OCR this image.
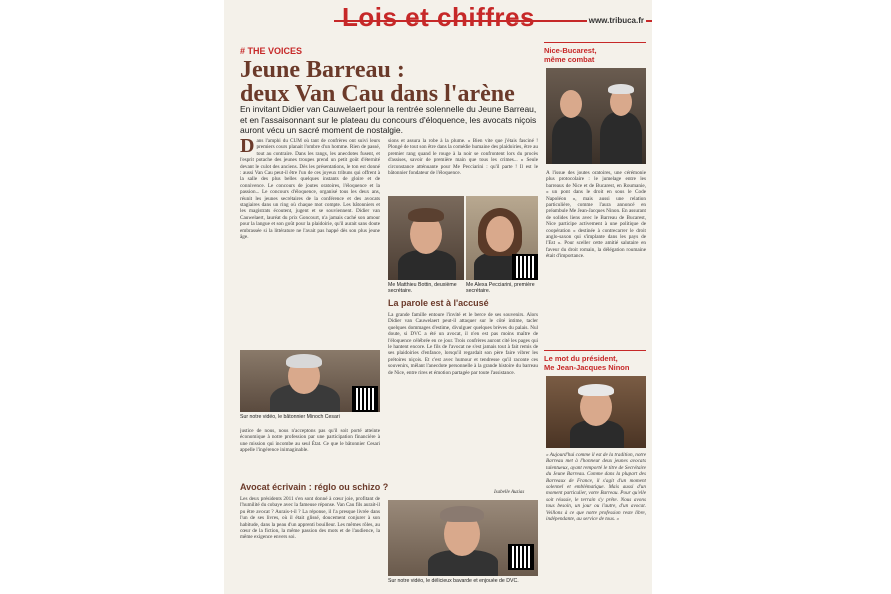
Lois et chiffres	www.tribuca.fr
# THE VOICES
Jeune Barreau :
deux Van Cau dans l'arène
En invitant Didier van Cauwelaert pour la rentrée solennelle du Jeune Barreau, et en l'assaisonnant sur le plateau du concours d'éloquence, les avocats niçois auront vécu un sacré moment de nostalgie.
Dans l'amphi du CUM où tant de confrères ont suivi leurs premiers cours planait l'ombre d'un homme. Rien de passé, tout au contraire. Dans les rangs, les anecdotes fusent, et l'esprit potache des jeunes troupes prend un petit goût d'éternité devant le culot des anciens. Dès les présentations, le ton est donné : aussi Van Cau peut-il être l'un de ces joyeux tribuns qui offrent à la salle des plus belles quelques instants de gloire et de connivence. Le concours de joutes oratoires, l'éloquence et la passion... Le concours d'éloquence, organisé tous les deux ans, réunit les jeunes secrétaires de la conférence et des avocats stagiaires dans un ring où chaque mot compte. Les bâtonniers et les magistrats écoutent, jugent et se souviennent. Didier van Cauwelaert, lauréat du prix Goncourt, n'a jamais caché son amour pour la langue et son goût pour la plaidoirie, qu'il aurait sans doute embrassée si la littérature ne l'avait pas happé dès son plus jeune âge.
Sur notre vidéo, le bâtonnier Minoch Cesari
justice de nous, nous n'acceptons pas qu'il soit porté atteinte économique à notre profession par une participation financière à une mission qui incombe au seul État. Ce que le bâtonnier Cesari appelle l'ingérence inimaginable.
Avocat écrivain : réglo ou schizo ?
Les deux présidents 2011 s'en sont donné à cœur joie, profitant de l'humilité du cobaye avec la fameuse réponse. Van Cau fils aurait-il pu être avocat ? Aurais-t-il ? La réponse, il l'a presque livrée dans l'un de ses livres, où il était glissé, doucement conjurer à son habitude, dans la peau d'un apprenti bouilleur. Les mêmes rôles, au cœur de la fiction, la même passion des mots et de l'audience, la même exigence envers soi.
sions et assura la robe à la plume. « Bien vite que j'étais fasciné ! Plongé de tout son être dans la comédie humaine des plaidoiries, être au premier rang quand le rouge à la noir se confrontent lors du procès d'assises, savoir de première main que tous les crimes... » Seule circonstance atténuante pour Me Pecciarini : qu'il parte ! Il est le bâtonnier fondateur de l'éloquence.
Me Matthieu Bottin, deuxième secrétaire.
Me Alexa Pecciarini, première secrétaire.
La parole est à l'accusé
La grande famille entoure l'invité et le berce de ses souvenirs. Alors Didier van Cauwelaert peut-il attaquer sur le côté intime, tacler quelques dommages d'estime, divulguer quelques brèves du palais. Nul doute, si DVC a été un avocat, il n'en est pas moins maître de l'éloquence célébrée en ce jour. Trois confrères auront cité les pages qui le hantent encore. Le fils de l'avocat ne s'est jamais tout à fait remis de ses plaidoiries d'enfance, lorsqu'il regardait son père faire vibrer les prétoires niçois. Et c'est avec humour et tendresse qu'il raconte ces souvenirs, mêlant l'anecdote personnelle à la grande histoire du barreau de Nice, entre rires et émotion partagée par toute l'assistance.
Isabelle Auzias
Sur notre vidéo, le délicieux bavarde et enjouée de DVC.
Nice-Bucarest,
même combat
À l'issue des joutes oratoires, une cérémonie plus protocolaire : le jumelage entre les barreaux de Nice et de Bucarest, en Roumanie, « un pont dans le droit en sous le Code Napoléon », mais aussi une relation particulière, comme l'aura annoncé en préambule Me Jean-Jacques Ninon. En assurant de solides liens avec le Barreau de Bucarest, Nice participe activement à une politique de coopération « destinée à contrecarrer le droit anglo-saxon qui s'implante dans les pays de l'Est ». Pour sceller cette amitié salutaire en faveur du droit romain, la délégation roumaine était d'importance.
Le mot du président,
Me Jean-Jacques Ninon
« Aujourd'hui comme il est de la tradition, notre Barreau met à l'honneur deux jeunes avocats talentueux, ayant remporté le titre de Secrétaire du Jeune Barreau. Comme dans la plupart des Barreaux de France, il s'agit d'un moment solennel et emblématique. Mais aussi d'un moment particulier, votre Barreau. Pour qu'elle soit réussie, le terrain s'y prête. Nous avons tous besoin, un jour ou l'autre, d'un avocat. Veillons à ce que notre profession reste libre, indépendante, au service de tous. »
